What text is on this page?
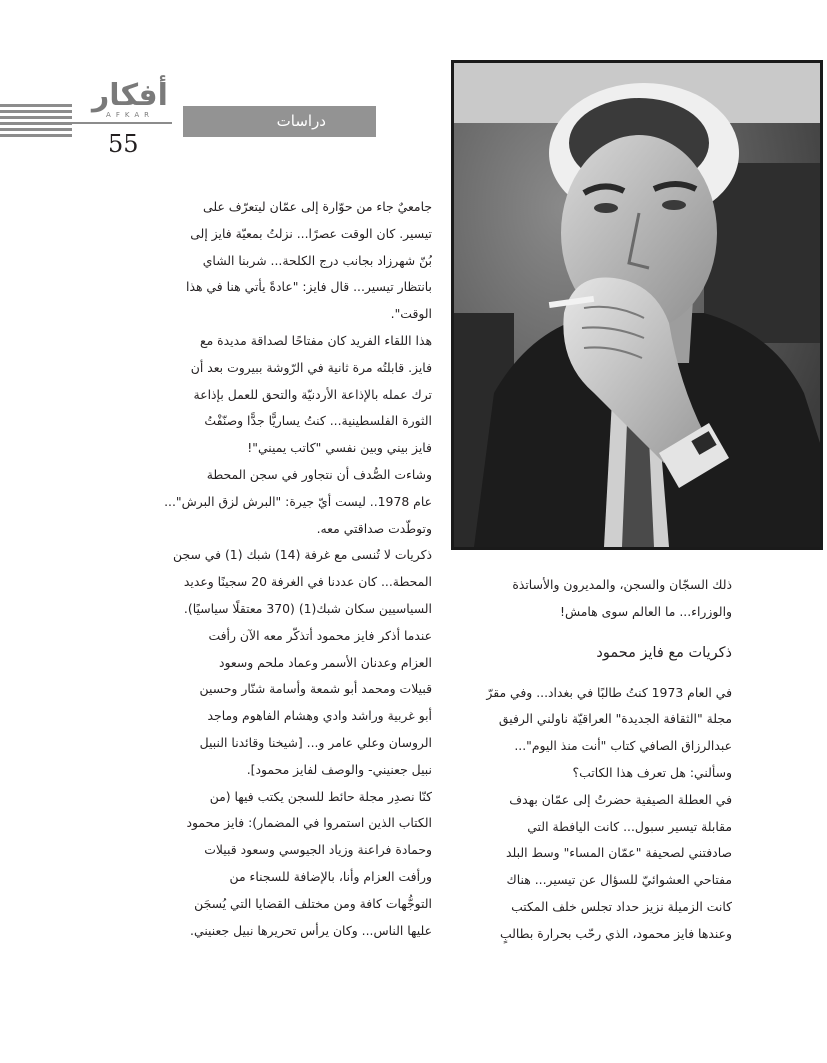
أفكار
AFKAR	دراسات
55
جامعيٌ جاء من حوّارة إلى عمّان ليتعرّف على
تيسير. كان الوقت عصرًا... نزلتُ بمعيّة فايز إلى
بُنّ شهرزاد بجانب درج الكلحة... شربنا الشاي
بانتظار تيسير... قال فايز: "عادةً يأتي هنا في هذا
الوقت".
هذا اللقاء الفريد كان مفتاحًا لصداقة مديدة مع
فايز. قابلتُه مرة ثانية في الرّوشة ببيروت بعد أن
ترك عمله بالإذاعة الأردنيّة والتحق للعمل بإذاعة
الثورة الفلسطينية... كنتُ يساريًّا جدًّا وصنّفْتُ
فايز بيني وبين نفسي "كاتب يميني"!
وشاءت الصُّدف أن نتجاور في سجن المحطة
عام 1978.. ليست أيّ جيرة: "البرش لزق البرش"...
وتوطّدت صداقتي معه.
ذكريات لا تُنسى مع غرفة (14) شبك (1) في سجن
المحطة... كان عددنا في الغرفة 20 سجينًا وعديد
السياسيين سكان شبك(1) (370 معتقلًا سياسيًا).
عندما أذكر فايز محمود أتذكّر معه الآن رأفت
العزام وعدنان الأسمر وعماد ملحم وسعود
قبيلات ومحمد أبو شمعة وأسامة شنّار وحسين
أبو غربية وراشد وادي وهشام الفاهوم وماجد
الروسان وعلي عامر و... [شيخنا وقائدنا النبيل
نبيل جعنيني- والوصف لفايز محمود].
كنّا نصدِر مجلة حائط للسجن يكتب فيها (من
الكتاب الذين استمروا في المضمار): فايز محمود
وحمادة فراعنة وزياد الجيوسي وسعود قبيلات
ورأفت العزام وأنا، بالإضافة للسجناء من
التوجُّهات كافة ومن مختلف القضايا التي يُسجَن
عليها الناس... وكان يرأس تحريرها نبيل جعنيني.
ذلك السجّان والسجن، والمديرون والأساتذة
والوزراء... ما العالم سوى هامش!
ذكريات مع فايز محمود
في العام 1973 كنتُ طالبًا في بغداد... وفي مقرّ
مجلة "الثقافة الجديدة" العراقيّة ناولني الرفيق
عبدالرزاق الصافي كتاب "أنت منذ اليوم"...
وسألني: هل تعرف هذا الكاتب؟
في العطلة الصيفية حضرتُ إلى عمّان بهدف
مقابلة تيسير سبول... كانت اليافطة التي
صادفتني لصحيفة "عمّان المساء" وسط البلد
مفتاحي العشوائيّ للسؤال عن تيسير... هناك
كانت الزميلة نزيز حداد تجلس خلف المكتب
وعندها فايز محمود، الذي رحّب بحرارة بطالبٍ
